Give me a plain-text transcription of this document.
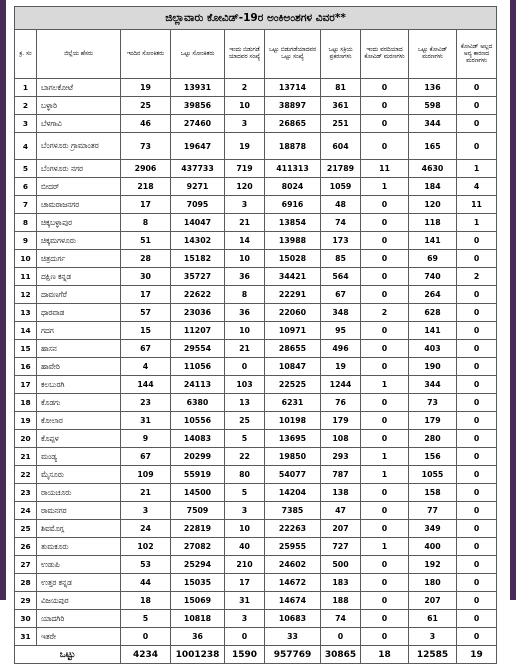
ಜಿಲ್ಲಾವಾರು ಕೋವಿಡ್-19ರ ಅಂಕಿಅಂಶಗಳ ವಿವರ**									
ಕ್ರ. ಸಂ	ಜಿಲ್ಲೆಯ ಹೆಸರು	ಇಂದಿನ ಸೋಂಕಿತರು	ಒಟ್ಟು ಸೋಂಕಿತರು	ಇಂದು ಬಿಡುಗಡೆ ಯಾದವರ ಸಂಖ್ಯೆ	ಒಟ್ಟು ಬಿಡುಗಡೆಯಾದವರ ಒಟ್ಟು ಸಂಖ್ಯೆ	ಒಟ್ಟು ಸಕ್ರಿಯ ಪ್ರಕರಣಗಳು	ಇಂದು ವರದಿಯಾದ ಕೋವಿಡ್ ಮರಣಗಳು	ಒಟ್ಟು ಕೋವಿಡ್ ಮರಣಗಳು	ಕೋವಿಡ್ ಅಲ್ಲದ ಅನ್ಯ ಕಾರಣದ ಮರಣಗಳು
1	ಬಾಗಲಕೋಟೆ	19	13931	2	13714	81	0	136	0
2	ಬಳ್ಳಾರಿ	25	39856	10	38897	361	0	598	0
3	ಬೆಳಗಾವಿ	46	27460	3	26865	251	0	344	0
4	ಬೆಂಗಳೂರು ಗ್ರಾಮಾಂತರ	73	19647	19	18878	604	0	165	0
5	ಬೆಂಗಳೂರು ನಗರ	2906	437733	719	411313	21789	11	4630	1
6	ಬೀದರ್	218	9271	120	8024	1059	1	184	4
7	ಚಾಮರಾಜನಗರ	17	7095	3	6916	48	0	120	11
8	ಚಿಕ್ಕಬಳ್ಳಾಪುರ	8	14047	21	13854	74	0	118	1
9	ಚಿಕ್ಕಮಗಳೂರು	51	14302	14	13988	173	0	141	0
10	ಚಿತ್ರದುರ್ಗ	28	15182	10	15028	85	0	69	0
11	ದಕ್ಷಿಣ ಕನ್ನಡ	30	35727	36	34421	564	0	740	2
12	ದಾವಣಗೆರೆ	17	22622	8	22291	67	0	264	0
13	ಧಾರವಾಡ	57	23036	36	22060	348	2	628	0
14	ಗದಗ	15	11207	10	10971	95	0	141	0
15	ಹಾಸನ	67	29554	21	28655	496	0	403	0
16	ಹಾವೇರಿ	4	11056	0	10847	19	0	190	0
17	ಕಲಬುರಗಿ	144	24113	103	22525	1244	1	344	0
18	ಕೊಡಗು	23	6380	13	6231	76	0	73	0
19	ಕೋಲಾರ	31	10556	25	10198	179	0	179	0
20	ಕೊಪ್ಪಳ	9	14083	5	13695	108	0	280	0
21	ಮಂಡ್ಯ	67	20299	22	19850	293	1	156	0
22	ಮೈಸೂರು	109	55919	80	54077	787	1	1055	0
23	ರಾಯಚೂರು	21	14500	5	14204	138	0	158	0
24	ರಾಮನಗರ	3	7509	3	7385	47	0	77	0
25	ಶಿವಮೊಗ್ಗ	24	22819	10	22263	207	0	349	0
26	ತುಮಕೂರು	102	27082	40	25955	727	1	400	0
27	ಉಡುಪಿ	53	25294	210	24602	500	0	192	0
28	ಉತ್ತರ ಕನ್ನಡ	44	15035	17	14672	183	0	180	0
29	ವಿಜಯಪುರ	18	15069	31	14674	188	0	207	0
30	ಯಾದಗಿರಿ	5	10818	3	10683	74	0	61	0
31	ಇತರೇ	0	36	0	33	0	0	3	0
ಒಟ್ಟು		4234	1001238	1590	957769	30865	18	12585	19
